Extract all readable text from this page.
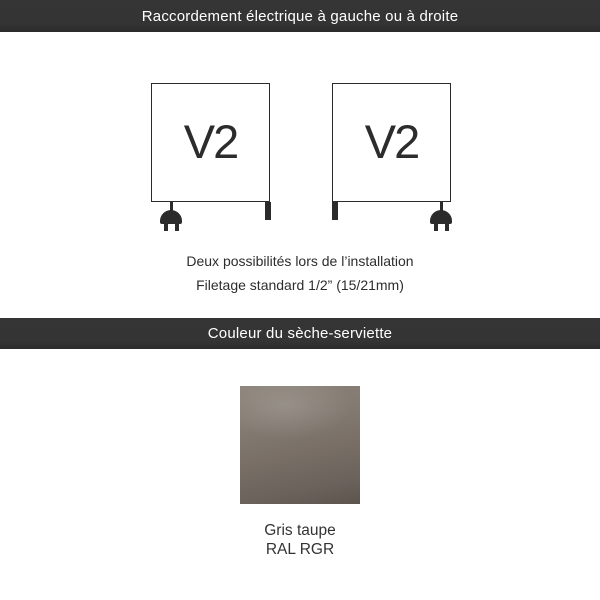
Raccordement électrique à gauche ou à droite
V2	V2
Deux possibilités lors de l’installation
Filetage standard 1/2” (15/21mm)
Couleur du sèche-serviette
Gris taupe
RAL RGR
